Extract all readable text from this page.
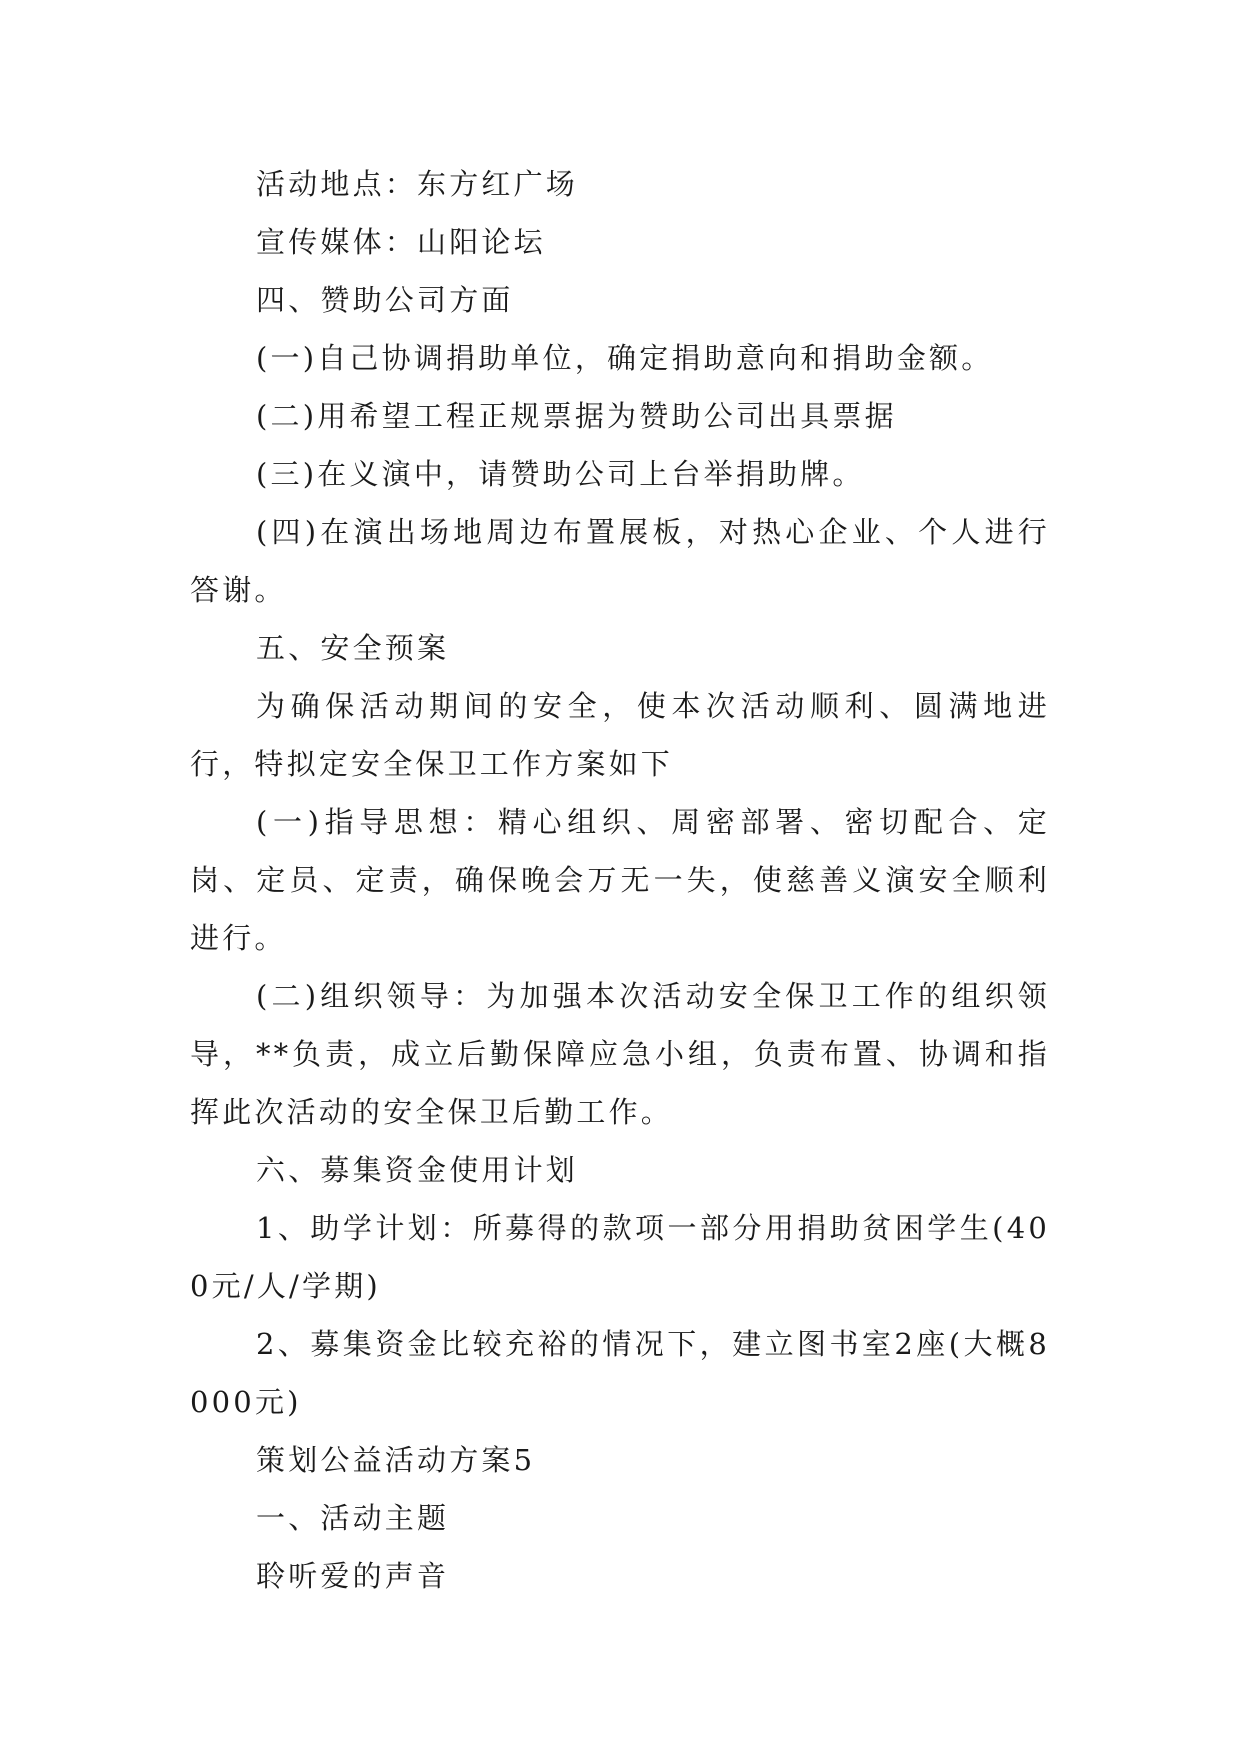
活动地点：东方红广场

宣传媒体：山阳论坛

四、赞助公司方面

(一)自己协调捐助单位，确定捐助意向和捐助金额。

(二)用希望工程正规票据为赞助公司出具票据

(三)在义演中，请赞助公司上台举捐助牌。

(四)在演出场地周边布置展板，对热心企业、个人进行答谢。

五、安全预案

为确保活动期间的安全，使本次活动顺利、圆满地进行，特拟定安全保卫工作方案如下

(一)指导思想：精心组织、周密部署、密切配合、定岗、定员、定责，确保晚会万无一失，使慈善义演安全顺利进行。

(二)组织领导：为加强本次活动安全保卫工作的组织领导，**负责，成立后勤保障应急小组，负责布置、协调和指挥此次活动的安全保卫后勤工作。

六、募集资金使用计划

1、助学计划：所募得的款项一部分用捐助贫困学生(400元/人/学期)

2、募集资金比较充裕的情况下，建立图书室2座(大概8000元)

策划公益活动方案5

一、活动主题

聆听爱的声音
